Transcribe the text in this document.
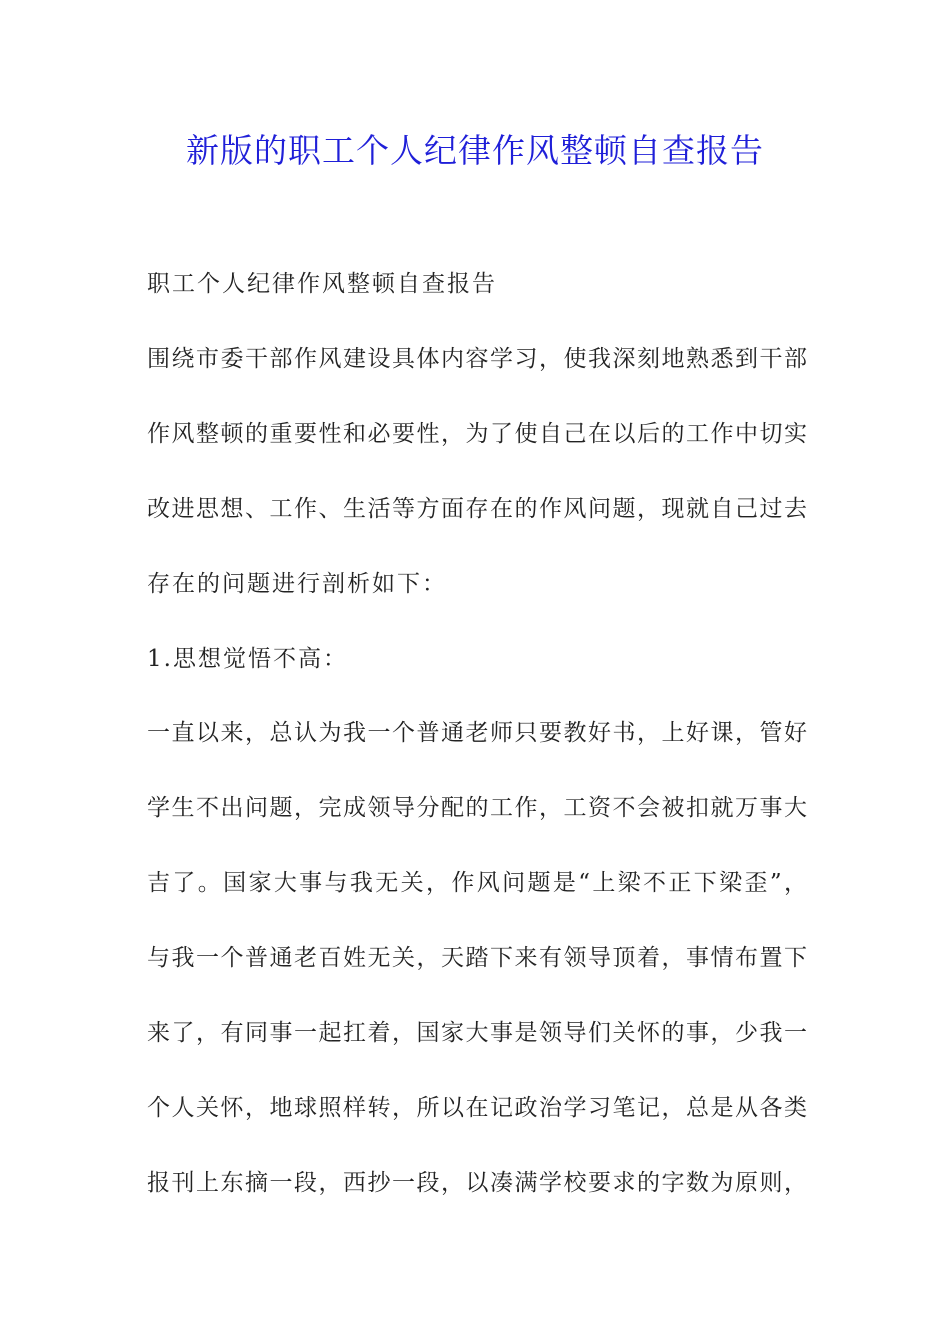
新版的职工个人纪律作风整顿自查报告

职工个人纪律作风整顿自查报告

围绕市委干部作风建设具体内容学习，使我深刻地熟悉到干部

作风整顿的重要性和必要性，为了使自己在以后的工作中切实

改进思想、工作、生活等方面存在的作风问题，现就自己过去

存在的问题进行剖析如下：

1.思想觉悟不高：

一直以来，总认为我一个普通老师只要教好书，上好课，管好

学生不出问题，完成领导分配的工作，工资不会被扣就万事大

吉了。国家大事与我无关，作风问题是“上梁不正下梁歪”，

与我一个普通老百姓无关，天踏下来有领导顶着，事情布置下

来了，有同事一起扛着，国家大事是领导们关怀的事，少我一

个人关怀，地球照样转，所以在记政治学习笔记，总是从各类

报刊上东摘一段，西抄一段，以凑满学校要求的字数为原则，
